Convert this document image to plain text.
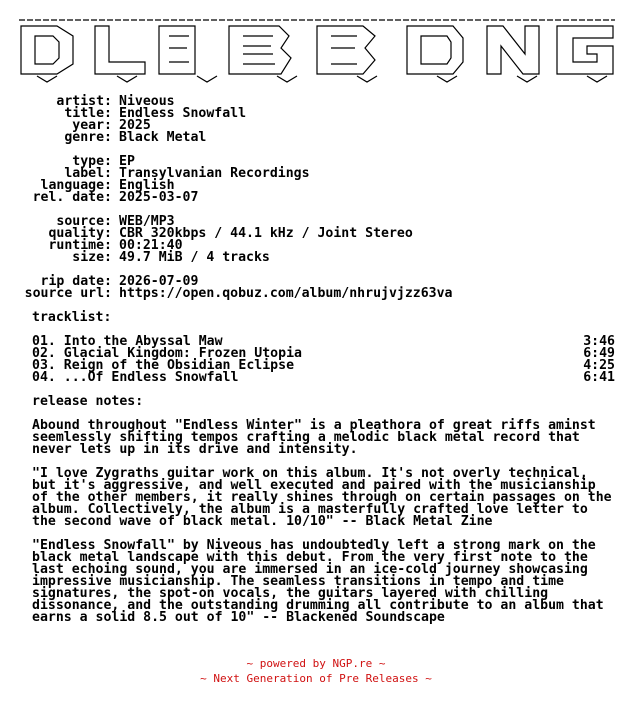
artist: Niveous
title: Endless Snowfall
year: 2025
genre: Black Metal
type: EP
label: Transylvanian Recordings
language: English
rel. date: 2025-03-07
source: WEB/MP3
quality: CBR 320kbps / 44.1 kHz / Joint Stereo
runtime: 00:21:40
size: 49.7 MiB / 4 tracks
rip date: 2026-07-09
source url: https://open.qobuz.com/album/nhrujvjzz63va
tracklist:
01. Into the Abyssal Maw	3:46
02. Glacial Kingdom: Frozen Utopia	6:49
03. Reign of the Obsidian Eclipse	4:25
04. ...Of Endless Snowfall	6:41
release notes:
Abound throughout "Endless Winter" is a pleathora of great riffs aminst
seemlessly shifting tempos crafting a melodic black metal record that
never lets up in its drive and intensity.
"I love Zygraths guitar work on this album. It's not overly technical,
but it's aggressive, and well executed and paired with the musicianship
of the other members, it really shines through on certain passages on the
album. Collectively, the album is a masterfully crafted love letter to
the second wave of black metal. 10/10" -- Black Metal Zine
"Endless Snowfall" by Niveous has undoubtedly left a strong mark on the
black metal landscape with this debut. From the very first note to the
last echoing sound, you are immersed in an ice-cold journey showcasing
impressive musicianship. The seamless transitions in tempo and time
signatures, the spot-on vocals, the guitars layered with chilling
dissonance, and the outstanding drumming all contribute to an album that
earns a solid 8.5 out of 10" -- Blackened Soundscape
~ powered by NGP.re ~
~ Next Generation of Pre Releases ~
